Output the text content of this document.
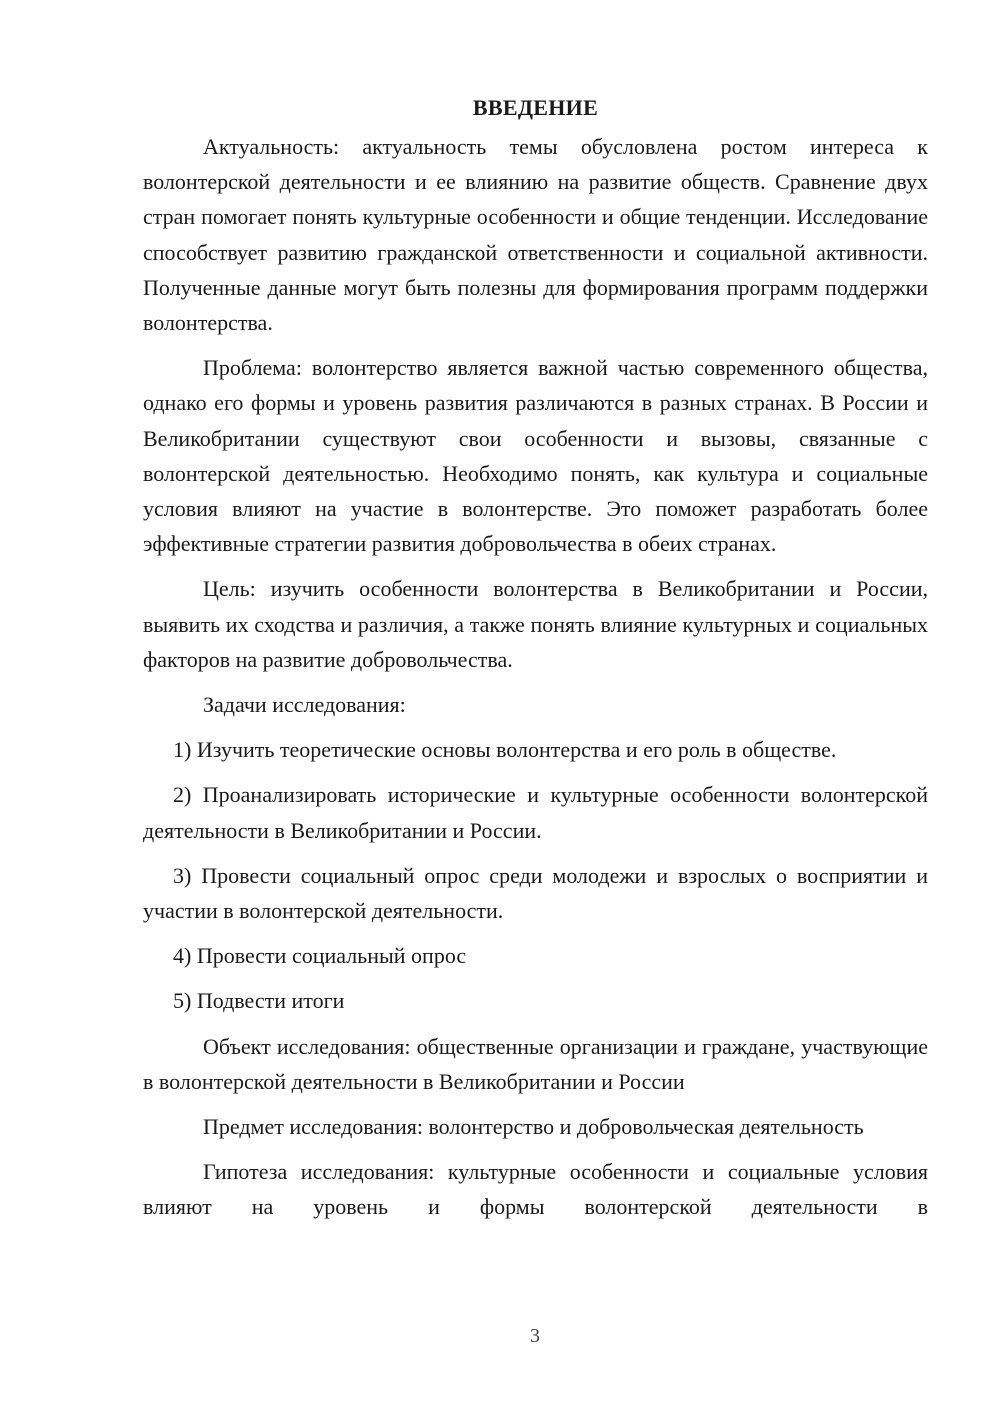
ВВЕДЕНИЕ

Актуальность: актуальность темы обусловлена ростом интереса к волонтерской деятельности и ее влиянию на развитие обществ. Сравнение двух стран помогает понять культурные особенности и общие тенденции. Исследование способствует развитию гражданской ответственности и социальной активности. Полученные данные могут быть полезны для формирования программ поддержки волонтерства.

Проблема: волонтерство является важной частью современного общества, однако его формы и уровень развития различаются в разных странах. В России и Великобритании существуют свои особенности и вызовы, связанные с волонтерской деятельностью. Необходимо понять, как культура и социальные условия влияют на участие в волонтерстве. Это поможет разработать более эффективные стратегии развития добровольчества в обеих странах.

Цель: изучить особенности волонтерства в Великобритании и России, выявить их сходства и различия, а также понять влияние культурных и социальных факторов на развитие добровольчества.

Задачи исследования:

1) Изучить теоретические основы волонтерства и его роль в обществе.

2) Проанализировать исторические и культурные особенности волонтерской деятельности в Великобритании и России.

3) Провести социальный опрос среди молодежи и взрослых о восприятии и участии в волонтерской деятельности.

4) Провести социальный опрос

5) Подвести итоги

Объект исследования: общественные организации и граждане, участвующие в волонтерской деятельности в Великобритании и России

Предмет исследования: волонтерство и добровольческая деятельность

Гипотеза исследования: культурные особенности и социальные условия влияют на уровень и формы волонтерской деятельности в

3
